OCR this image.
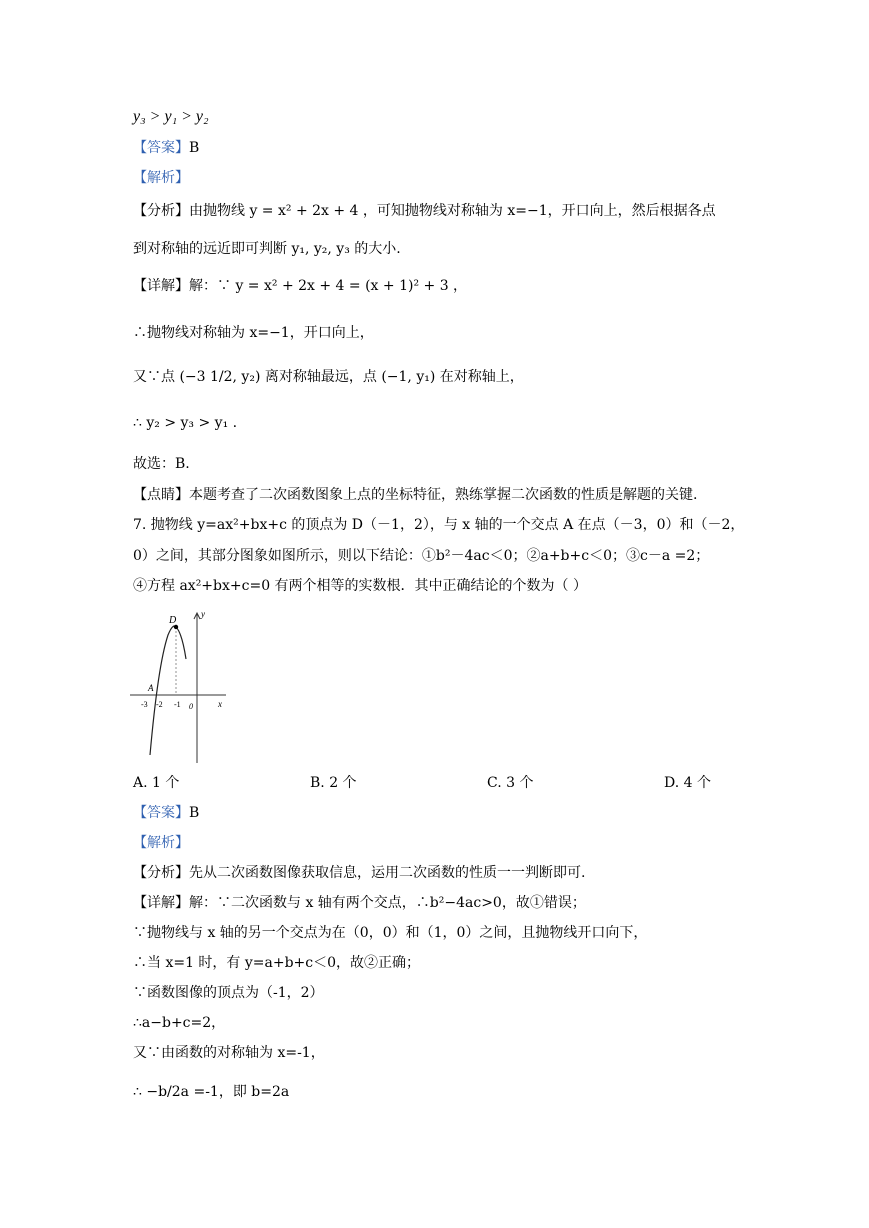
y₃ > y₁ > y₂
【答案】B
【解析】
【分析】由抛物线 y = x² + 2x + 4 ，可知抛物线对称轴为 x=−1，开口向上，然后根据各点
到对称轴的远近即可判断 y₁, y₂, y₃ 的大小.
【详解】解：∵ y = x² + 2x + 4 = (x + 1)² + 3 ，
∴抛物线对称轴为 x=−1，开口向上，
又∵点 (−3 1/2, y₂) 离对称轴最远，点 (−1, y₁) 在对称轴上，
∴ y₂ > y₃ > y₁ .
故选：B.
【点睛】本题考查了二次函数图象上点的坐标特征，熟练掌握二次函数的性质是解题的关键.
7. 抛物线 y=ax²+bx+c 的顶点为 D（－1，2），与 x 轴的一个交点 A 在点（－3，0）和（－2，
0）之间，其部分图象如图所示，则以下结论：①b²－4ac＜0；②a+b+c＜0；③c－a =2；
④方程 ax²+bx+c=0 有两个相等的实数根．其中正确结论的个数为（ ）
D
A
y
x
-3 -2 -1 0
A. 1 个	B. 2 个	C. 3 个	D. 4 个
【答案】B
【解析】
【分析】先从二次函数图像获取信息，运用二次函数的性质一一判断即可.
【详解】解：∵二次函数与 x 轴有两个交点，∴b²−4ac>0，故①错误；
∵抛物线与 x 轴的另一个交点为在（0，0）和（1，0）之间，且抛物线开口向下，
∴当 x=1 时，有 y=a+b+c＜0，故②正确；
∵函数图像的顶点为（-1，2）
∴a−b+c=2，
又∵由函数的对称轴为 x=-1，
∴ −b/2a =-1，即 b=2a
